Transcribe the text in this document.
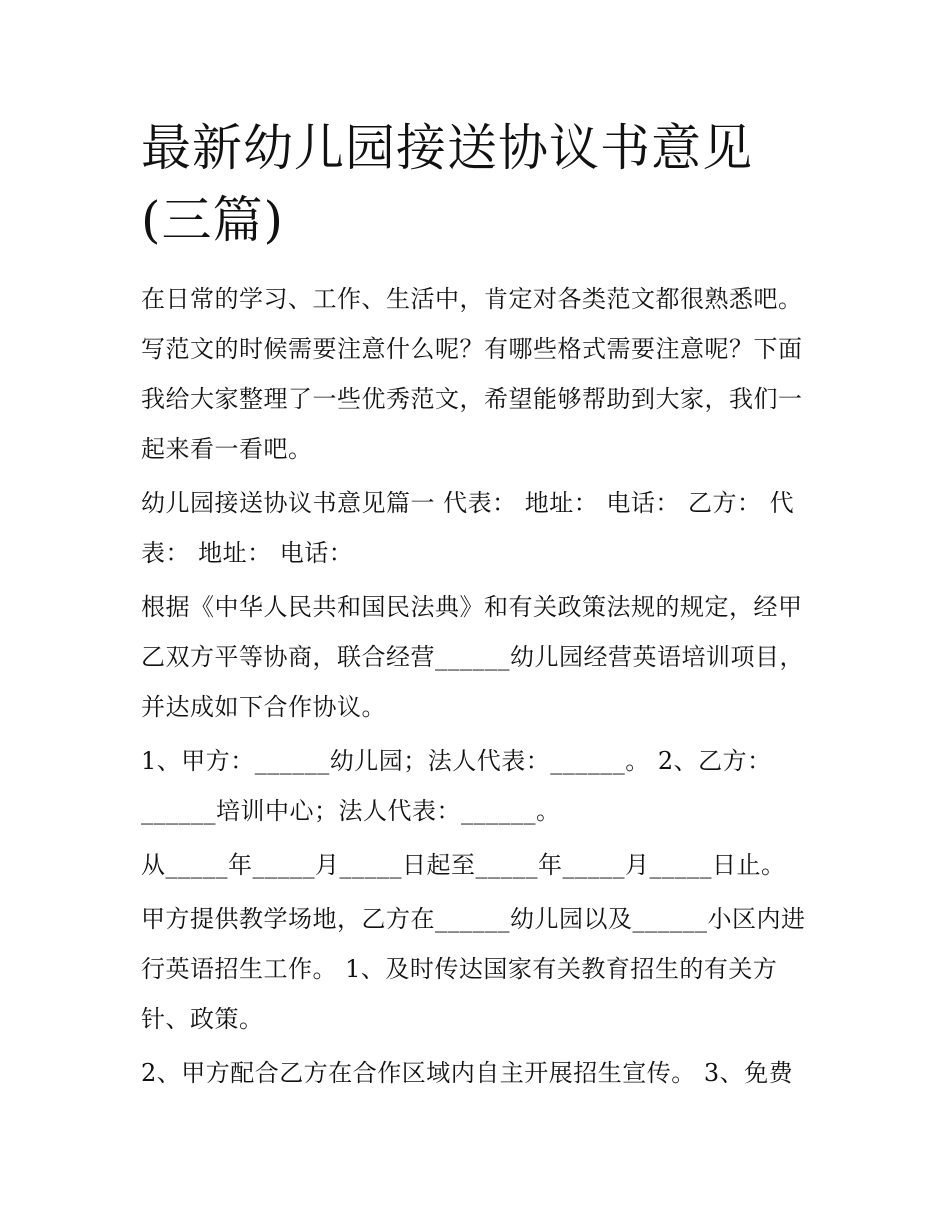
最新幼儿园接送协议书意见(三篇)

在日常的学习、工作、生活中，肯定对各类范文都很熟悉吧。写范文的时候需要注意什么呢？有哪些格式需要注意呢？下面我给大家整理了一些优秀范文，希望能够帮助到大家，我们一起来看一看吧。

幼儿园接送协议书意见篇一 代表： 地址： 电话： 乙方： 代表： 地址： 电话：

根据《中华人民共和国民法典》和有关政策法规的规定，经甲乙双方平等协商，联合经营______幼儿园经营英语培训项目，并达成如下合作协议。

1、甲方：______幼儿园；法人代表：______。 2、乙方：______培训中心；法人代表：______。

从_____年_____月_____日起至_____年_____月_____日止。

甲方提供教学场地，乙方在______幼儿园以及______小区内进行英语招生工作。 1、及时传达国家有关教育招生的有关方针、政策。

2、甲方配合乙方在合作区域内自主开展招生宣传。 3、免费
